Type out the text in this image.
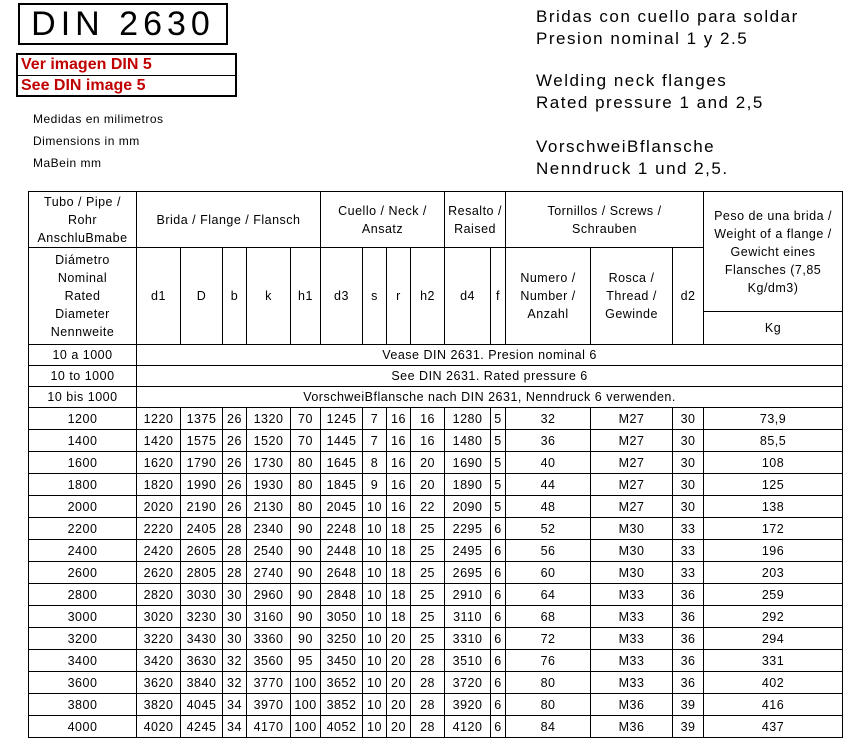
DIN 2630
Ver imagen DIN 5
See DIN image 5
Medidas en milimetros
Dimensions in mm
MaBein mm
Bridas con cuello para soldar
Presion nominal 1 y 2.5
Welding neck flanges
Rated pressure 1 and 2,5
VorschweiBflansche
Nenndruck 1 und 2,5.
Tubo / Pipe / Rohr AnschluBmabe	Brida / Flange / Flansch					Cuello / Neck / Ansatz				Resalto / Raised		Tornillos / Screws / Schrauben			Peso de una brida / Weight of a flange / Gewicht eines Flansches (7,85 Kg/dm3)
Diámetro Nominal Rated Diameter Nennweite	d1	D	b	k	h1	d3	s	r	h2	d4	f	Numero / Number / Anzahl	Rosca / Thread / Gewinde	d2	
															Kg
10 a 1000	Vease DIN 2631. Presion nominal 6														
10 to 1000	See DIN 2631. Rated pressure 6														
10 bis 1000	VorschweiBflansche nach DIN 2631, Nenndruck 6 verwenden.														
1200	1220	1375	26	1320	70	1245	7	16	16	1280	5	32	M27	30	73,9
1400	1420	1575	26	1520	70	1445	7	16	16	1480	5	36	M27	30	85,5
1600	1620	1790	26	1730	80	1645	8	16	20	1690	5	40	M27	30	108
1800	1820	1990	26	1930	80	1845	9	16	20	1890	5	44	M27	30	125
2000	2020	2190	26	2130	80	2045	10	16	22	2090	5	48	M27	30	138
2200	2220	2405	28	2340	90	2248	10	18	25	2295	6	52	M30	33	172
2400	2420	2605	28	2540	90	2448	10	18	25	2495	6	56	M30	33	196
2600	2620	2805	28	2740	90	2648	10	18	25	2695	6	60	M30	33	203
2800	2820	3030	30	2960	90	2848	10	18	25	2910	6	64	M33	36	259
3000	3020	3230	30	3160	90	3050	10	18	25	3110	6	68	M33	36	292
3200	3220	3430	30	3360	90	3250	10	20	25	3310	6	72	M33	36	294
3400	3420	3630	32	3560	95	3450	10	20	28	3510	6	76	M33	36	331
3600	3620	3840	32	3770	100	3652	10	20	28	3720	6	80	M33	36	402
3800	3820	4045	34	3970	100	3852	10	20	28	3920	6	80	M36	39	416
4000	4020	4245	34	4170	100	4052	10	20	28	4120	6	84	M36	39	437
